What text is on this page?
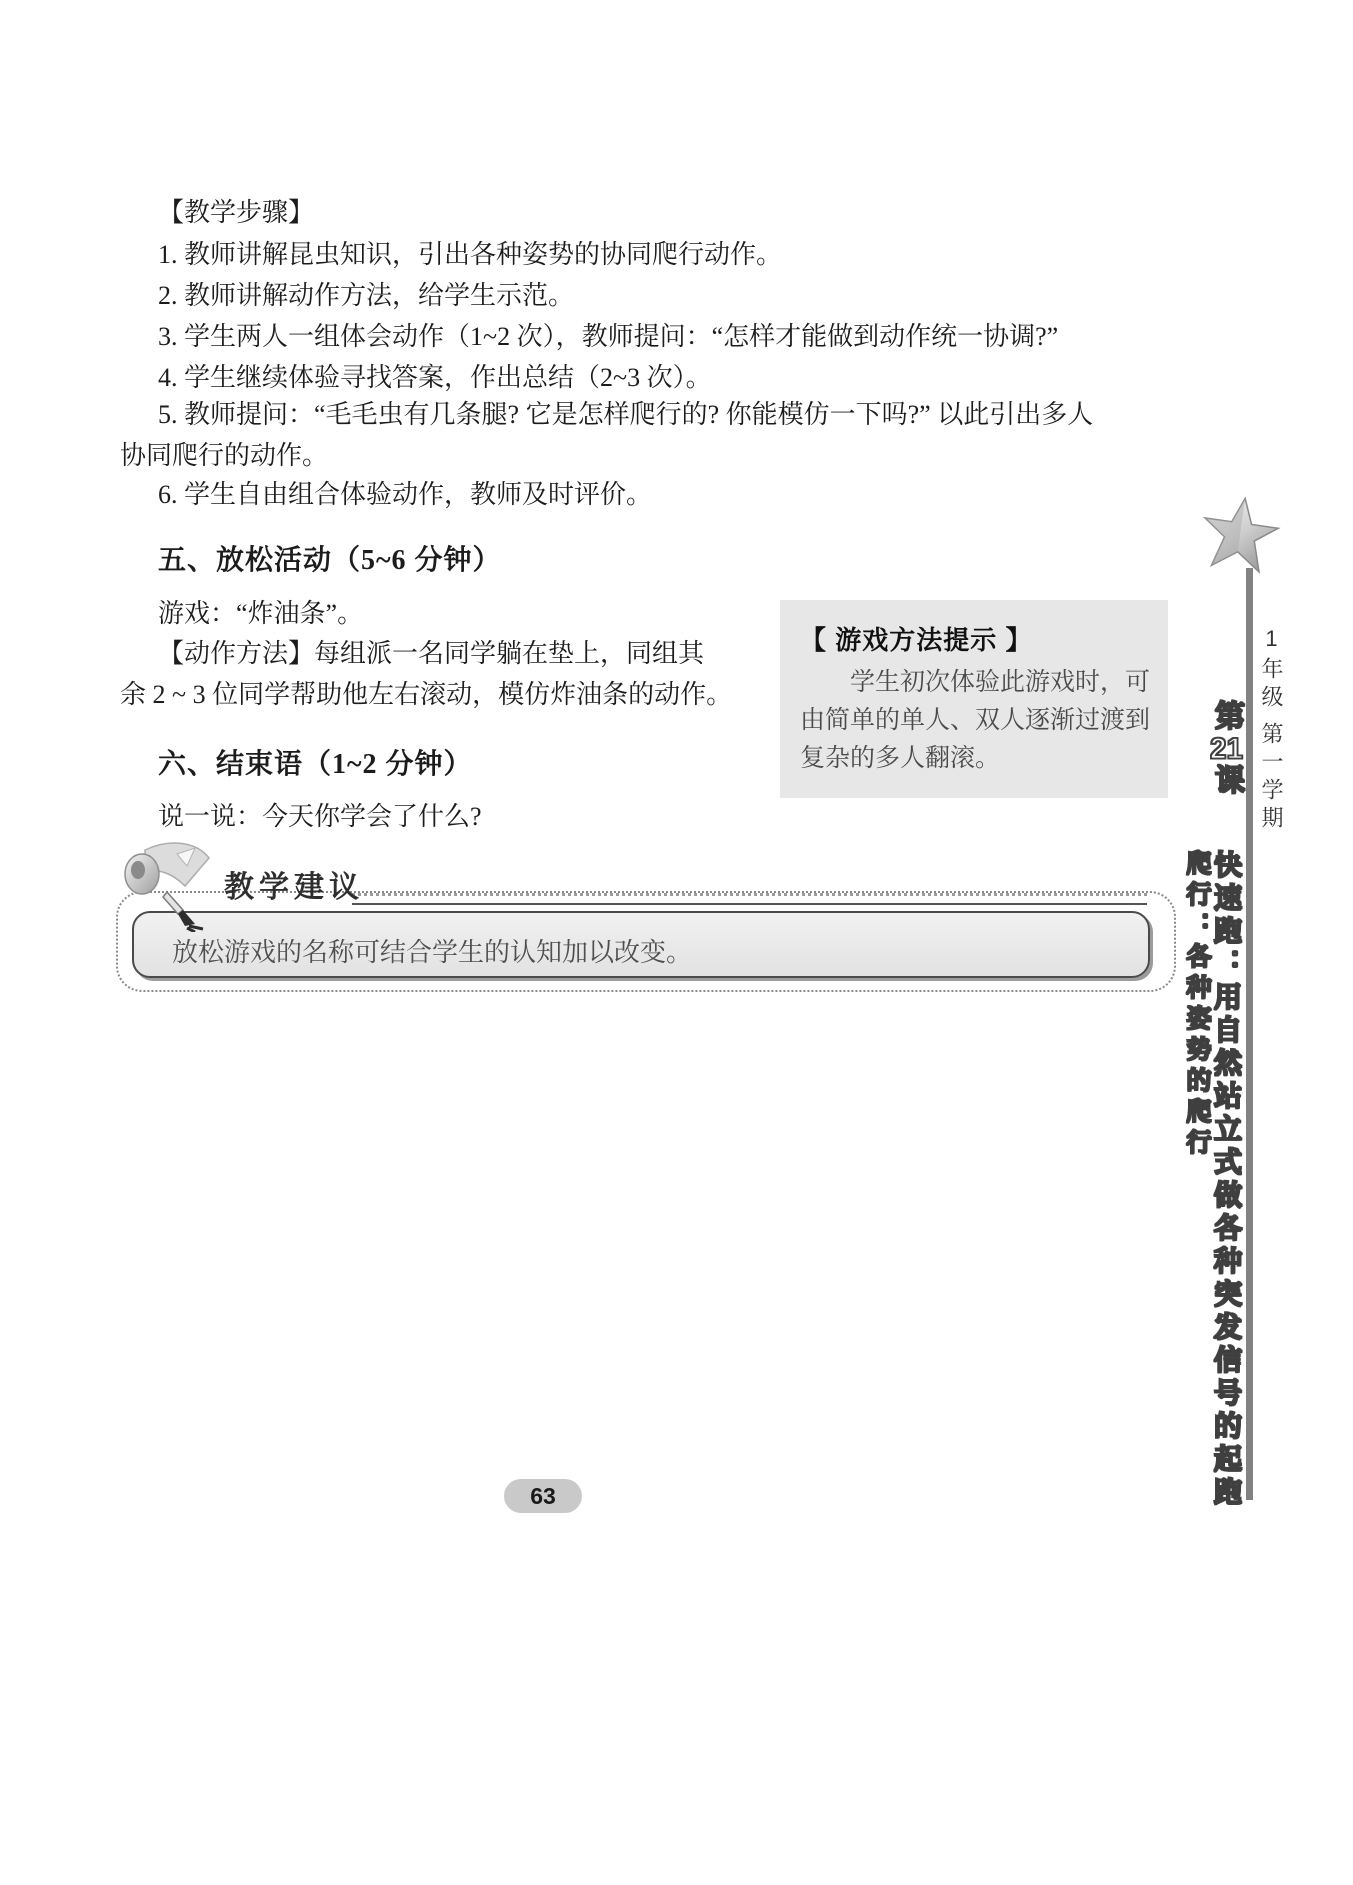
【教学步骤】
1. 教师讲解昆虫知识，引出各种姿势的协同爬行动作。
2. 教师讲解动作方法，给学生示范。
3. 学生两人一组体会动作（1~2 次），教师提问：“怎样才能做到动作统一协调?”
4. 学生继续体验寻找答案，作出总结（2~3 次）。
5. 教师提问：“毛毛虫有几条腿? 它是怎样爬行的? 你能模仿一下吗?” 以此引出多人
协同爬行的动作。
6. 学生自由组合体验动作，教师及时评价。
五、放松活动（5~6 分钟）
游戏：“炸油条”。
【动作方法】每组派一名同学躺在垫上，同组其
余 2 ~ 3 位同学帮助他左右滚动，模仿炸油条的动作。
【 游戏方法提示 】
学生初次体验此游戏时，可
由简单的单人、双人逐渐过渡到
复杂的多人翻滚。
六、结束语（1~2 分钟）
说一说：今天你学会了什么?
教学建议
放松游戏的名称可结合学生的认知加以改变。
1年级
第一学期
第21课
快速跑：用自然站立式做各种突发信号的起跑
爬行：各种姿势的爬行
63
